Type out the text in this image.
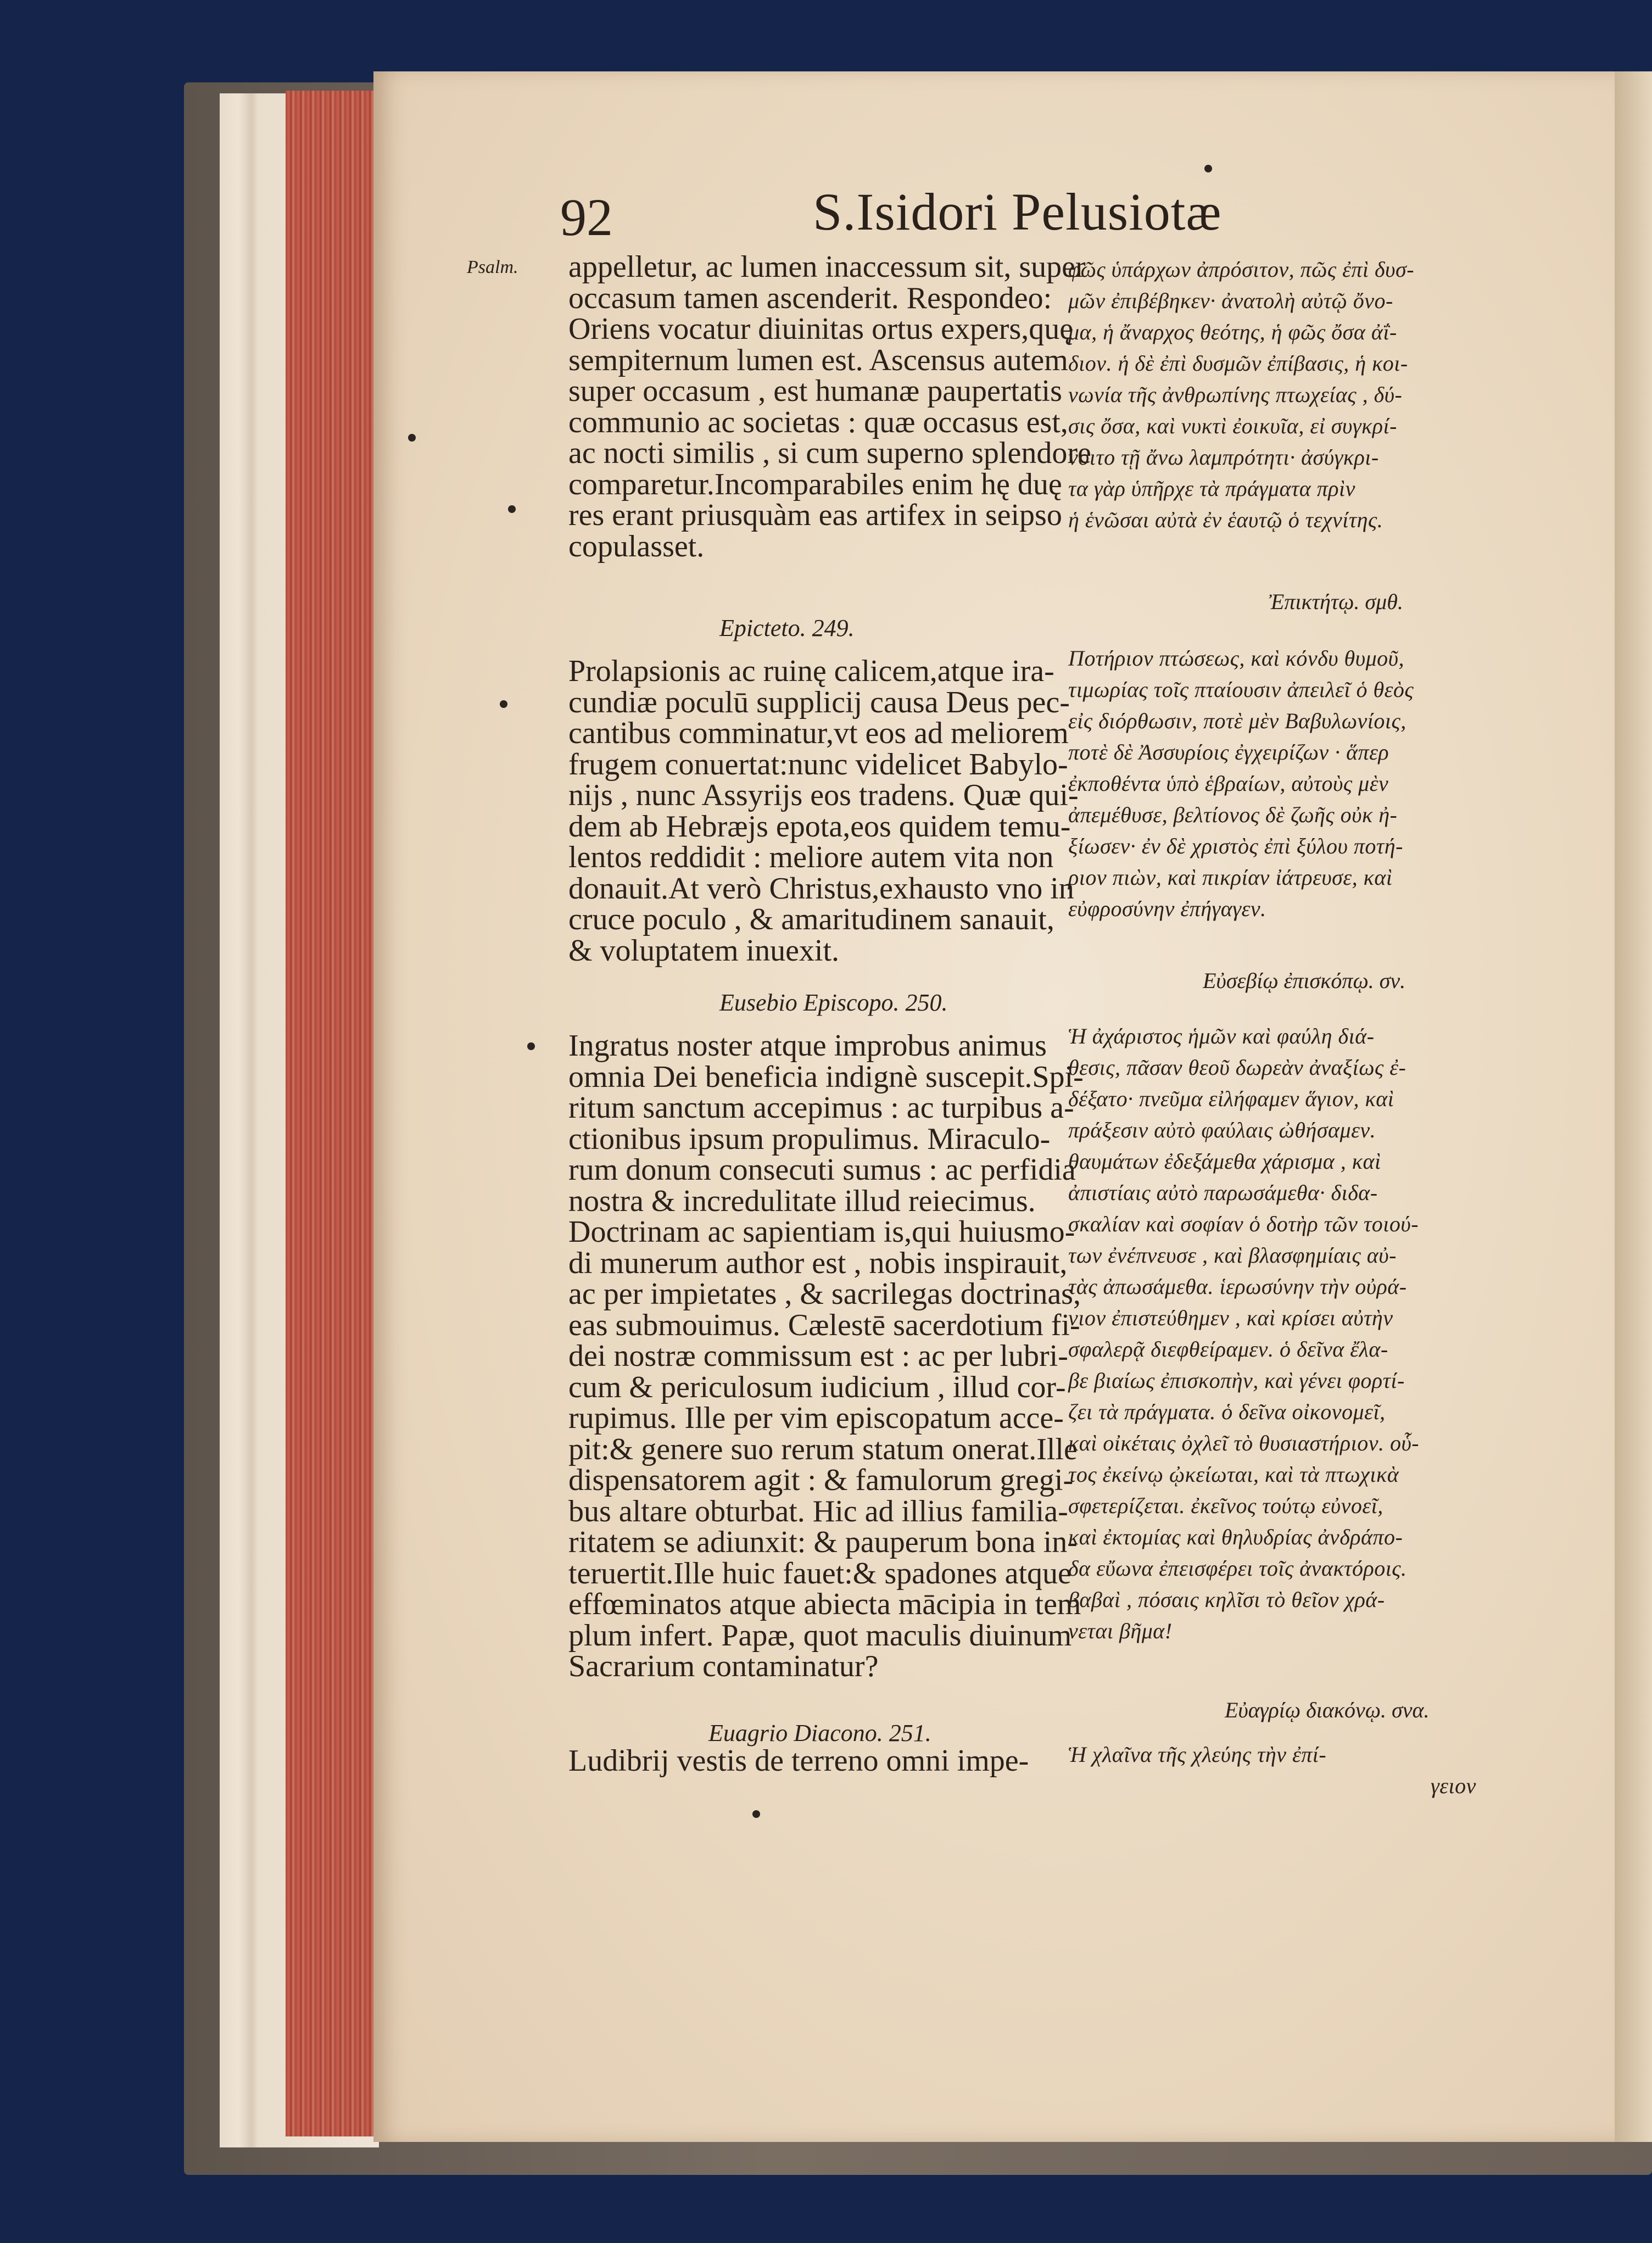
92	S.Isidori Pelusiotæ
Psalm. appelletur, ac lumen inaccessum sit, super
occasum tamen ascenderit. Respondeo:
Oriens vocatur diuinitas ortus expers,quę
sempiternum lumen est. Ascensus autem
super occasum , est humanæ paupertatis
communio ac societas : quæ occasus est,
ac nocti similis , si cum superno splendore
comparetur.Incomparabiles enim hę duę
res erant priusquàm eas artifex in seipso
copulasset.
Epicteto. 249.
Prolapsionis ac ruinę calicem,atque ira-
cundiæ poculū supplicij causa Deus pec-
cantibus comminatur,vt eos ad meliorem
frugem conuertat:nunc videlicet Babylo-
nijs , nunc Assyrijs eos tradens. Quæ qui-
dem ab Hebræjs epota,eos quidem temu-
lentos reddidit : meliore autem vita non
donauit.At verò Christus,exhausto vno in
cruce poculo , & amaritudinem sanauit,
& voluptatem inuexit.
Eusebio Episcopo. 250.
Ingratus noster atque improbus animus
omnia Dei beneficia indignè suscepit.Spi-
ritum sanctum accepimus : ac turpibus a-
ctionibus ipsum propulimus. Miraculo-
rum donum consecuti sumus : ac perfidia
nostra & incredulitate illud reiecimus.
Doctrinam ac sapientiam is,qui huiusmo-
di munerum author est , nobis inspirauit,
ac per impietates , & sacrilegas doctrinas,
eas submouimus. Cælestē sacerdotium fi-
dei nostræ commissum est : ac per lubri-
cum & periculosum iudicium , illud cor-
rupimus. Ille per vim episcopatum acce-
pit:& genere suo rerum statum onerat.Ille
dispensatorem agit : & famulorum gregi-
bus altare obturbat. Hic ad illius familia-
ritatem se adiunxit: & pauperum bona in-
teruertit.Ille huic fauet:& spadones atque
effœminatos atque abiecta mācipia in tem
plum infert. Papæ, quot maculis diuinum
Sacrarium contaminatur?
Euagrio Diacono. 251.
Ludibrij vestis de terreno omni impe-
φῶς ὑπάρχων ἀπρόσιτον, πῶς ἐπὶ δυσ-
μῶν ἐπιβέβηκεν· ἀνατολὴ αὐτῷ ὄνο-
μα, ἡ ἄναρχος θεότης, ἡ φῶς ὄσα ἀΐ-
διον. ἡ δὲ ἐπὶ δυσμῶν ἐπίβασις, ἡ κοι-
νωνία τῆς ἀνθρωπίνης πτωχείας , δύ-
σις ὄσα, καὶ νυκτὶ ἐοικυῖα, εἰ συγκρί-
νοιτο τῇ ἄνω λαμπρότητι· ἀσύγκρι-
τα γὰρ ὑπῆρχε τὰ πράγματα πρὶν
ἡ ἑνῶσαι αὐτὰ ἐν ἑαυτῷ ὁ τεχνίτης.
Ἐπικτήτῳ. σμθ.
Ποτήριον πτώσεως, καὶ κόνδυ θυμοῦ,
τιμωρίας τοῖς πταίουσιν ἀπειλεῖ ὁ θεὸς
εἰς διόρθωσιν, ποτὲ μὲν Βαβυλωνίοις,
ποτὲ δὲ Ἀσσυρίοις ἐγχειρίζων · ἅπερ
ἐκποθέντα ὑπὸ ἑβραίων, αὐτοὺς μὲν
ἀπεμέθυσε, βελτίονος δὲ ζωῆς οὐκ ἠ-
ξίωσεν· ἐν δὲ χριστὸς ἐπὶ ξύλου ποτή-
ριον πιὼν, καὶ πικρίαν ἰάτρευσε, καὶ
εὐφροσύνην ἐπήγαγεν.
Εὐσεβίῳ ἐπισκόπῳ. σν.
Ἡ ἀχάριστος ἡμῶν καὶ φαύλη διά-
θεσις, πᾶσαν θεοῦ δωρεὰν ἀναξίως ἐ-
δέξατο· πνεῦμα εἰλήφαμεν ἅγιον, καὶ
πράξεσιν αὐτὸ φαύλαις ὠθήσαμεν.
θαυμάτων ἐδεξάμεθα χάρισμα , καὶ
ἀπιστίαις αὐτὸ παρωσάμεθα· διδα-
σκαλίαν καὶ σοφίαν ὁ δοτὴρ τῶν τοιού-
των ἐνέπνευσε , καὶ βλασφημίαις αὐ-
τὰς ἀπωσάμεθα. ἱερωσύνην τὴν οὐρά-
νιον ἐπιστεύθημεν , καὶ κρίσει αὐτὴν
σφαλερᾷ διεφθείραμεν. ὁ δεῖνα ἔλα-
βε βιαίως ἐπισκοπὴν, καὶ γένει φορτί-
ζει τὰ πράγματα. ὁ δεῖνα οἰκονομεῖ,
καὶ οἰκέταις ὀχλεῖ τὸ θυσιαστήριον. οὗ-
τος ἐκείνῳ ᾠκείωται, καὶ τὰ πτωχικὰ
σφετερίζεται. ἐκεῖνος τούτῳ εὐνοεῖ,
καὶ ἐκτομίας καὶ θηλυδρίας ἀνδράπο-
δα εὔωνα ἐπεισφέρει τοῖς ἀνακτόροις.
βαβαὶ , πόσαις κηλῖσι τὸ θεῖον χρά-
νεται βῆμα!
Εὐαγρίῳ διακόνῳ. σνα.
Ἡ χλαῖνα τῆς χλεύης τὴν ἐπί-
γειον
